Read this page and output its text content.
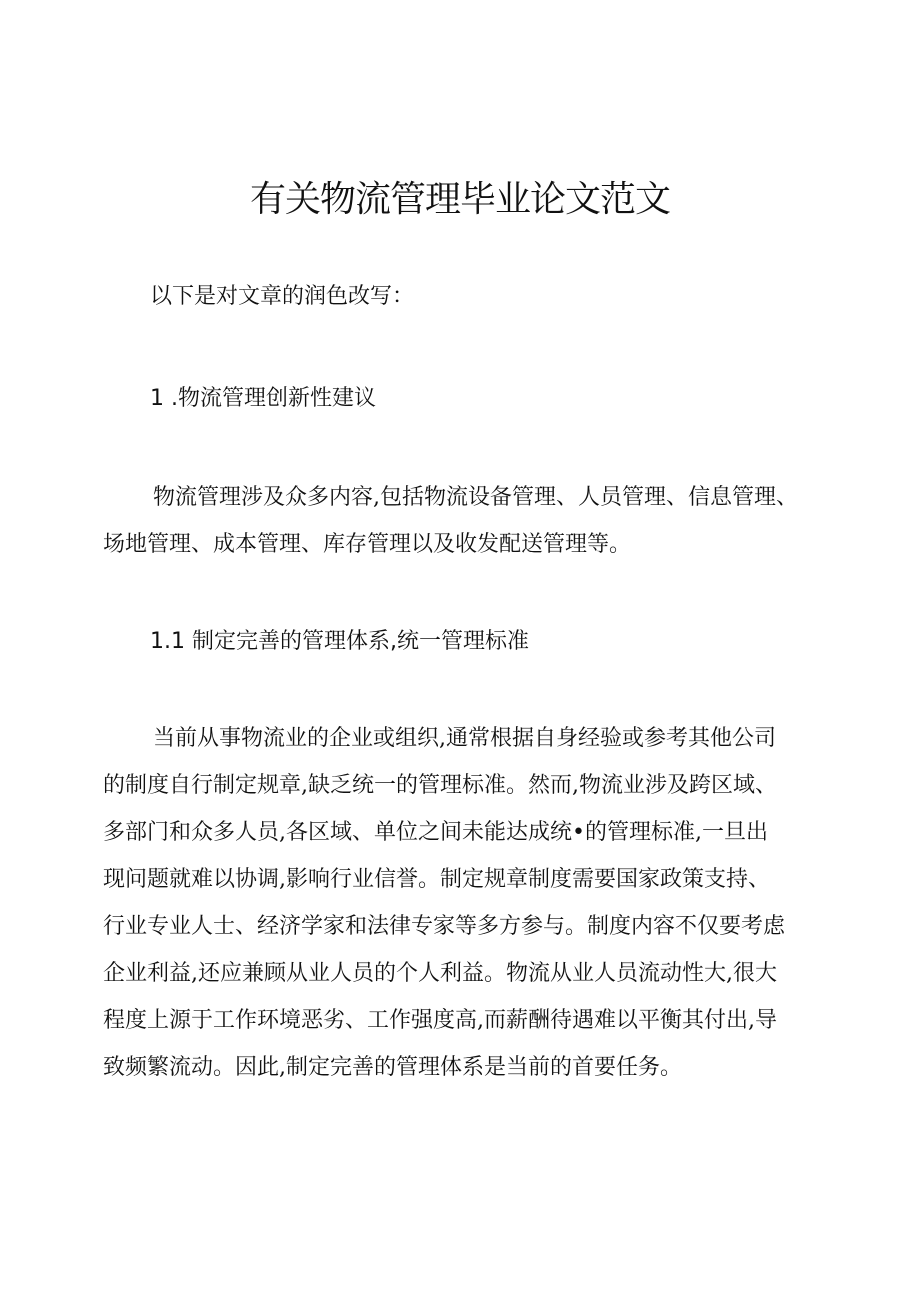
有关物流管理毕业论文范文

以下是对文章的润色改写：

1 .物流管理创新性建议

物流管理涉及众多内容,包括物流设备管理、人员管理、信息管理、

场地管理、成本管理、库存管理以及收发配送管理等。

1.1 制定完善的管理体系,统一管理标准

当前从事物流业的企业或组织,通常根据自身经验或参考其他公司

的制度自行制定规章,缺乏统一的管理标准。然而,物流业涉及跨区域、

多部门和众多人员,各区域、单位之间未能达成统•的管理标准,一旦出

现问题就难以协调,影响行业信誉。制定规章制度需要国家政策支持、

行业专业人士、经济学家和法律专家等多方参与。制度内容不仅要考虑

企业利益,还应兼顾从业人员的个人利益。物流从业人员流动性大,很大

程度上源于工作环境恶劣、工作强度高,而薪酬待遇难以平衡其付出,导

致频繁流动。因此,制定完善的管理体系是当前的首要任务。
